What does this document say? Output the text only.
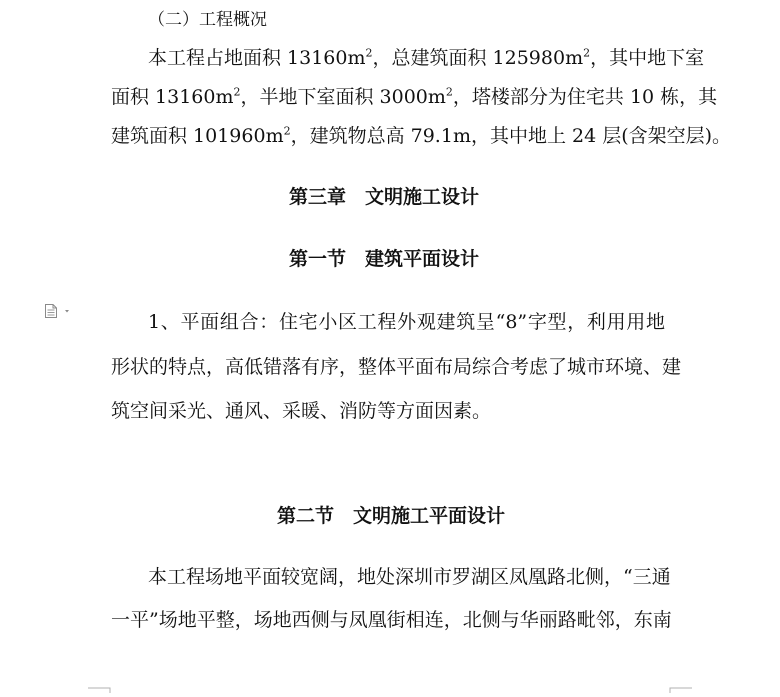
（二）工程概况
本工程占地面积 $13160m^2$，总建筑面积 $125980m^2$，其中地下室
面积 $13160m^2$，半地下室面积 $3000m^2$，塔楼部分为住宅共 10 栋，其
建筑面积 $101960m^2$，建筑物总高 79.1m，其中地上 24 层(含架空层)。
第三章　文明施工设计
第一节　建筑平面设计
1、平面组合：住宅小区工程外观建筑呈“8”字型，利用用地
形状的特点，高低错落有序，整体平面布局综合考虑了城市环境、建
筑空间采光、通风、采暖、消防等方面因素。
第二节　文明施工平面设计
本工程场地平面较宽阔，地处深圳市罗湖区凤凰路北侧，“三通
一平”场地平整，场地西侧与凤凰街相连，北侧与华丽路毗邻，东南
